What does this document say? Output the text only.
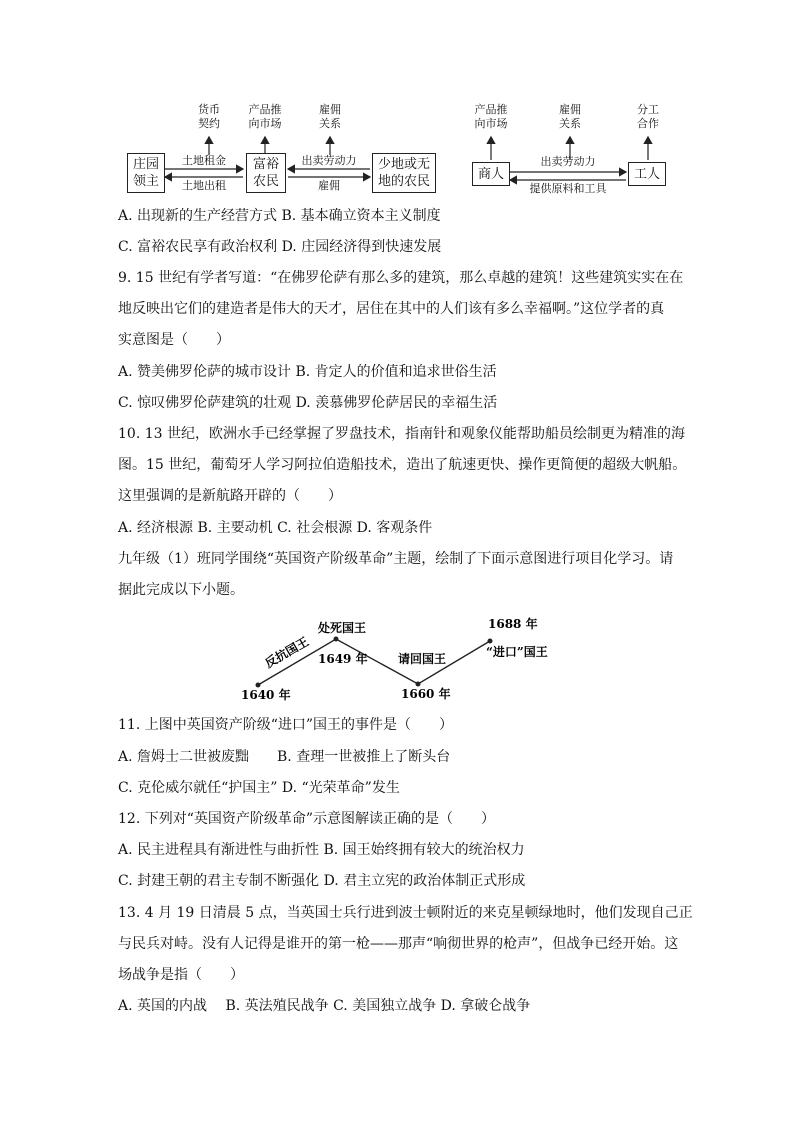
庄园
领主
富裕
农民
少地或无
地的农民
货币
契约
产品推
向市场
雇佣
关系
土地租金
土地出租
出卖劳动力
雇佣
商人	工人
产品推
向市场
雇佣
关系
分工
合作
出卖劳动力
提供原料和工具
A. 出现新的生产经营方式 B. 基本确立资本主义制度
C. 富裕农民享有政治权利 D. 庄园经济得到快速发展
9. 15 世纪有学者写道：“在佛罗伦萨有那么多的建筑，那么卓越的建筑！这些建筑实实在在
地反映出它们的建造者是伟大的天才，居住在其中的人们该有多么幸福啊。”这位学者的真
实意图是（　　）
A. 赞美佛罗伦萨的城市设计 B. 肯定人的价值和追求世俗生活
C. 惊叹佛罗伦萨建筑的壮观 D. 羡慕佛罗伦萨居民的幸福生活
10. 13 世纪，欧洲水手已经掌握了罗盘技术，指南针和观象仪能帮助船员绘制更为精准的海
图。15 世纪，葡萄牙人学习阿拉伯造船技术，造出了航速更快、操作更简便的超级大帆船。
这里强调的是新航路开辟的（　　）
A. 经济根源 B. 主要动机 C. 社会根源 D. 客观条件
九年级（1）班同学围绕“英国资产阶级革命”主题，绘制了下面示意图进行项目化学习。请
据此完成以下小题。
1640 年
1649 年
1660 年
1688 年
反抗国王
处死国王
请回国王	“进口”国王
11. 上图中英国资产阶级“进口”国王的事件是（　　）
A. 詹姆士二世被废黜　　B. 查理一世被推上了断头台
C. 克伦威尔就任“护国主” D. “光荣革命”发生
12. 下列对“英国资产阶级革命”示意图解读正确的是（　　）
A. 民主进程具有渐进性与曲折性 B. 国王始终拥有较大的统治权力
C. 封建王朝的君主专制不断强化 D. 君主立宪的政治体制正式形成
13. 4 月 19 日清晨 5 点，当英国士兵行进到波士顿附近的来克星顿绿地时，他们发现自己正
与民兵对峙。没有人记得是谁开的第一枪——那声“响彻世界的枪声”，但战争已经开始。这
场战争是指（　　）
A. 英国的内战　 B. 英法殖民战争 C. 美国独立战争 D. 拿破仑战争
